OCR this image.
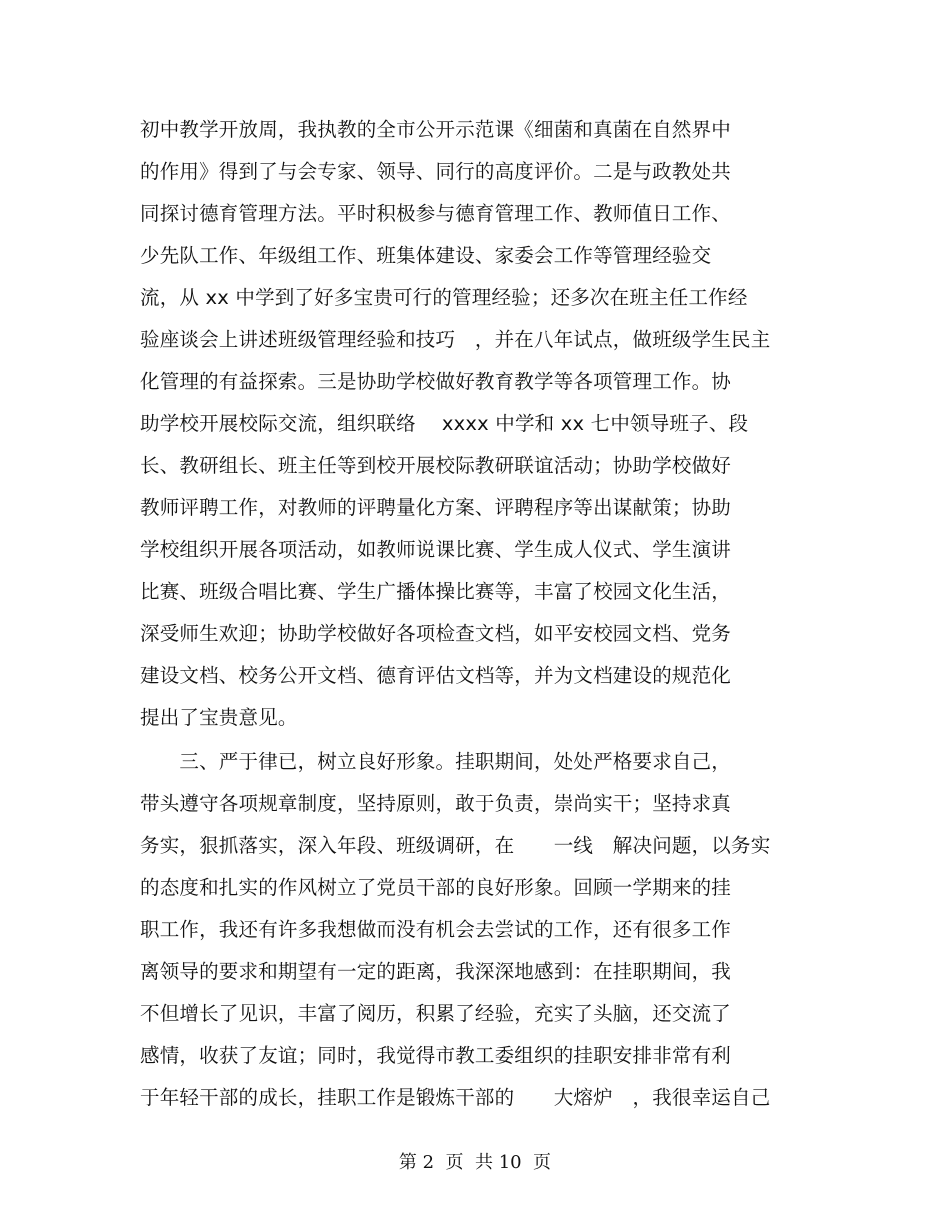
初中教学开放周，我执教的全市公开示范课《细菌和真菌在自然界中
的作用》得到了与会专家、领导、同行的高度评价。二是与政教处共
同探讨德育管理方法。平时积极参与德育管理工作、教师值日工作、
少先队工作、年级组工作、班集体建设、家委会工作等管理经验交
流，从 xx 中学到了好多宝贵可行的管理经验；还多次在班主任工作经
验座谈会上讲述班级管理经验和技巧　，并在八年试点，做班级学生民主
化管理的有益探索。三是协助学校做好教育教学等各项管理工作。协
助学校开展校际交流，组织联络　 xxxx 中学和 xx 七中领导班子、段
长、教研组长、班主任等到校开展校际教研联谊活动；协助学校做好
教师评聘工作，对教师的评聘量化方案、评聘程序等出谋献策；协助
学校组织开展各项活动，如教师说课比赛、学生成人仪式、学生演讲
比赛、班级合唱比赛、学生广播体操比赛等，丰富了校园文化生活，
深受师生欢迎；协助学校做好各项检查文档，如平安校园文档、党务
建设文档、校务公开文档、德育评估文档等，并为文档建设的规范化
提出了宝贵意见。
　　三、严于律已，树立良好形象。挂职期间，处处严格要求自己，
带头遵守各项规章制度，坚持原则，敢于负责，崇尚实干；坚持求真
务实，狠抓落实，深入年段、班级调研，在　　一线　解决问题，以务实
的态度和扎实的作风树立了党员干部的良好形象。回顾一学期来的挂
职工作，我还有许多我想做而没有机会去尝试的工作，还有很多工作
离领导的要求和期望有一定的距离，我深深地感到：在挂职期间，我
不但增长了见识，丰富了阅历，积累了经验，充实了头脑，还交流了
感情，收获了友谊；同时，我觉得市教工委组织的挂职安排非常有利
于年轻干部的成长，挂职工作是锻炼干部的　　大熔炉　，我很幸运自己
第 2  页  共 10  页
